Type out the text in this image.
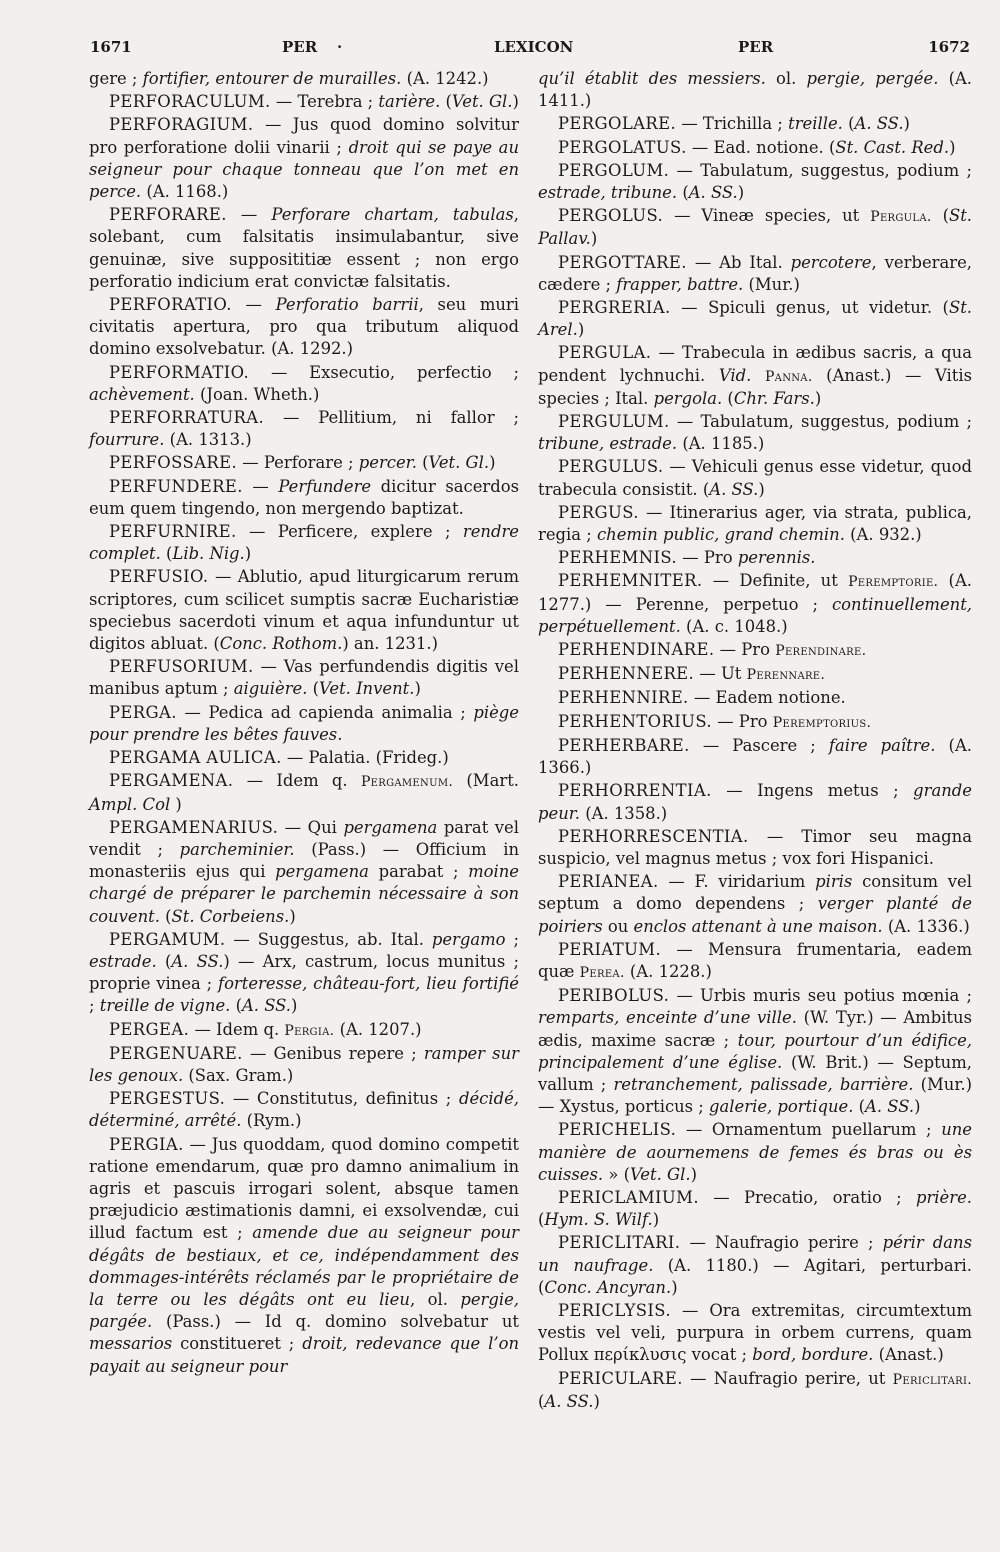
1671	PER ·	LEXICON	PER	1672

gere ; fortifier, entourer de murailles. (A. 1242.)

PERFORACULUM. — Terebra ; tarière. (Vet. Gl.)

PERFORAGIUM. — Jus quod domino solvitur pro perforatione dolii vinarii ; droit qui se paye au seigneur pour chaque tonneau que l’on met en perce. (A. 1168.)

PERFORARE. — Perforare chartam, tabulas, solebant, cum falsitatis insimulabantur, sive genuinæ, sive supposititiæ essent ; non ergo perforatio indicium erat convictæ falsitatis.

PERFORATIO. — Perforatio barrii, seu muri civitatis apertura, pro qua tributum aliquod domino exsolvebatur. (A. 1292.)

PERFORMATIO. — Exsecutio, perfectio ; achèvement. (Joan. Wheth.)

PERFORRATURA. — Pellitium, ni fallor ; fourrure. (A. 1313.)

PERFOSSARE. — Perforare ; percer. (Vet. Gl.)

PERFUNDERE. — Perfundere dicitur sacerdos eum quem tingendo, non mergendo baptizat.

PERFURNIRE. — Perficere, explere ; rendre complet. (Lib. Nig.)

PERFUSIO. — Ablutio, apud liturgicarum rerum scriptores, cum scilicet sumptis sacræ Eucharistiæ speciebus sacerdoti vinum et aqua infunduntur ut digitos abluat. (Conc. Rothom.) an. 1231.)

PERFUSORIUM. — Vas perfundendis digitis vel manibus aptum ; aiguière. (Vet. Invent.)

PERGA. — Pedica ad capienda animalia ; piège pour prendre les bêtes fauves.

PERGAMA AULICA. — Palatia. (Frideg.)

PERGAMENA. — Idem q. Pergamenum. (Mart. Ampl. Col )

PERGAMENARIUS. — Qui pergamena parat vel vendit ; parcheminier. (Pass.) — Officium in monasteriis ejus qui pergamena parabat ; moine chargé de préparer le parchemin nécessaire à son couvent. (St. Corbeiens.)

PERGAMUM. — Suggestus, ab. Ital. pergamo ; estrade. (A. SS.) — Arx, castrum, locus munitus ; proprie vinea ; forteresse, château-fort, lieu fortifié ; treille de vigne. (A. SS.)

PERGEA. — Idem q. Pergia. (A. 1207.)

PERGENUARE. — Genibus repere ; ramper sur les genoux. (Sax. Gram.)

PERGESTUS. — Constitutus, definitus ; décidé, déterminé, arrêté. (Rym.)

PERGIA. — Jus quoddam, quod domino competit ratione emendarum, quæ pro damno animalium in agris et pascuis irrogari solent, absque tamen præjudicio æstimationis damni, ei exsolvendæ, cui illud factum est ; amende due au seigneur pour dégâts de bestiaux, et ce, indépendamment des dommages-intérêts réclamés par le propriétaire de la terre ou les dégâts ont eu lieu, ol. pergie, pargée. (Pass.) — Id q. domino solvebatur ut messarios constitueret ; droit, redevance que l’on payait au seigneur pour

qu’il établit des messiers. ol. pergie, pergée. (A. 1411.)

PERGOLARE. — Trichilla ; treille. (A. SS.)

PERGOLATUS. — Ead. notione. (St. Cast. Red.)

PERGOLUM. — Tabulatum, suggestus, podium ; estrade, tribune. (A. SS.)

PERGOLUS. — Vineæ species, ut Pergula. (St. Pallav.)

PERGOTTARE. — Ab Ital. percotere, verberare, cædere ; frapper, battre. (Mur.)

PERGRERIA. — Spiculi genus, ut videtur. (St. Arel.)

PERGULA. — Trabecula in ædibus sacris, a qua pendent lychnuchi. Vid. Panna. (Anast.) — Vitis species ; Ital. pergola. (Chr. Fars.)

PERGULUM. — Tabulatum, suggestus, podium ; tribune, estrade. (A. 1185.)

PERGULUS. — Vehiculi genus esse videtur, quod trabecula consistit. (A. SS.)

PERGUS. — Itinerarius ager, via strata, publica, regia ; chemin public, grand chemin. (A. 932.)

PERHEMNIS. — Pro perennis.

PERHEMNITER. — Definite, ut Peremptorie. (A. 1277.) — Perenne, perpetuo ; continuellement, perpétuellement. (A. c. 1048.)

PERHENDINARE. — Pro Perendinare.

PERHENNERE. — Ut Perennare.

PERHENNIRE. — Eadem notione.

PERHENTORIUS. — Pro Peremptorius.

PERHERBARE. — Pascere ; faire paître. (A. 1366.)

PERHORRENTIA. — Ingens metus ; grande peur. (A. 1358.)

PERHORRESCENTIA. — Timor seu magna suspicio, vel magnus metus ; vox fori Hispanici.

PERIANEA. — F. viridarium piris consitum vel septum a domo dependens ; verger planté de poiriers ou enclos attenant à une maison. (A. 1336.)

PERIATUM. — Mensura frumentaria, eadem quæ Perea. (A. 1228.)

PERIBOLUS. — Urbis muris seu potius mœnia ; remparts, enceinte d’une ville. (W. Tyr.) — Ambitus ædis, maxime sacræ ; tour, pourtour d’un édifice, principalement d’une église. (W. Brit.) — Septum, vallum ; retranchement, palissade, barrière. (Mur.) — Xystus, porticus ; galerie, portique. (A. SS.)

PERICHELIS. — Ornamentum puellarum ; une manière de aournemens de femes és bras ou ès cuisses. » (Vet. Gl.)

PERICLAMIUM. — Precatio, oratio ; prière. (Hym. S. Wilf.)

PERICLITARI. — Naufragio perire ; périr dans un naufrage. (A. 1180.) — Agitari, perturbari. (Conc. Ancyran.)

PERICLYSIS. — Ora extremitas, circumtextum vestis vel veli, purpura in orbem currens, quam Pollux περίκλυσις vocat ; bord, bordure. (Anast.)

PERICULARE. — Naufragio perire, ut Periclitari. (A. SS.)
